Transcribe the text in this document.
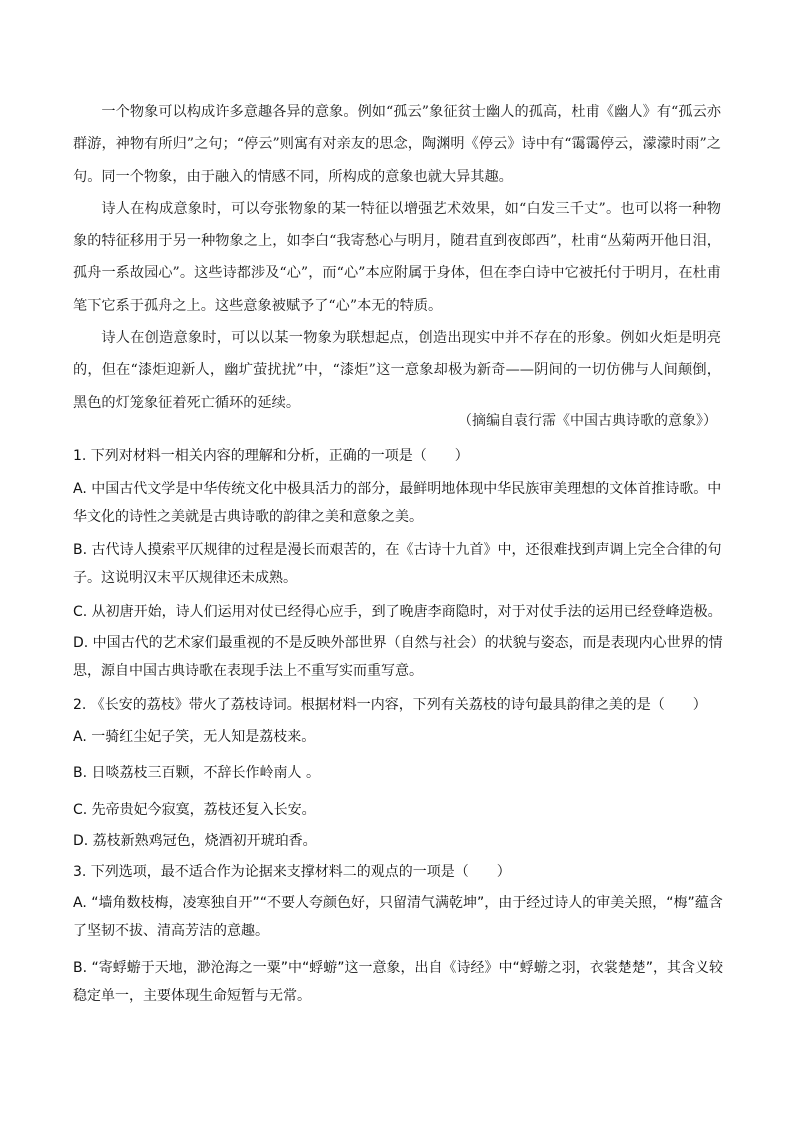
一个物象可以构成许多意趣各异的意象。例如“孤云”象征贫士幽人的孤高，杜甫《幽人》有“孤云亦群游，神物有所归”之句；“停云”则寓有对亲友的思念，陶渊明《停云》诗中有“霭霭停云，濛濛时雨”之句。同一个物象，由于融入的情感不同，所构成的意象也就大异其趣。

诗人在构成意象时，可以夸张物象的某一特征以增强艺术效果，如“白发三千丈”。也可以将一种物象的特征移用于另一种物象之上，如李白“我寄愁心与明月，随君直到夜郎西”，杜甫“丛菊两开他日泪，孤舟一系故园心”。这些诗都涉及“心”，而“心”本应附属于身体，但在李白诗中它被托付于明月，在杜甫笔下它系于孤舟之上。这些意象被赋予了“心”本无的特质。

诗人在创造意象时，可以以某一物象为联想起点，创造出现实中并不存在的形象。例如火炬是明亮的，但在“漆炬迎新人，幽圹萤扰扰”中，“漆炬”这一意象却极为新奇——阴间的一切仿佛与人间颠倒，黑色的灯笼象征着死亡循环的延续。

（摘编自袁行霈《中国古典诗歌的意象》）
1. 下列对材料一相关内容的理解和分析，正确的一项是（　　）
A. 中国古代文学是中华传统文化中极具活力的部分，最鲜明地体现中华民族审美理想的文体首推诗歌。中华文化的诗性之美就是古典诗歌的韵律之美和意象之美。
B. 古代诗人摸索平仄规律的过程是漫长而艰苦的，在《古诗十九首》中，还很难找到声调上完全合律的句子。这说明汉末平仄规律还未成熟。
C. 从初唐开始，诗人们运用对仗已经得心应手，到了晚唐李商隐时，对于对仗手法的运用已经登峰造极。
D. 中国古代的艺术家们最重视的不是反映外部世界（自然与社会）的状貌与姿态，而是表现内心世界的情思，源自中国古典诗歌在表现手法上不重写实而重写意。
2. 《长安的荔枝》带火了荔枝诗词。根据材料一内容，下列有关荔枝的诗句最具韵律之美的是（　　）
A. 一骑红尘妃子笑，无人知是荔枝来。
B. 日啖荔枝三百颗，不辞长作岭南人 。
C. 先帝贵妃今寂寞，荔枝还复入长安。
D. 荔枝新熟鸡冠色，烧酒初开琥珀香。
3. 下列选项，最不适合作为论据来支撑材料二的观点的一项是（　　）
A. “墙角数枝梅，凌寒独自开”“不要人夸颜色好，只留清气满乾坤”，由于经过诗人的审美关照，“梅”蕴含了坚韧不拔、清高芳洁的意趣。
B. “寄蜉蝣于天地，渺沧海之一粟”中“蜉蝣”这一意象，出自《诗经》中“蜉蝣之羽，衣裳楚楚”，其含义较稳定单一，主要体现生命短暂与无常。
